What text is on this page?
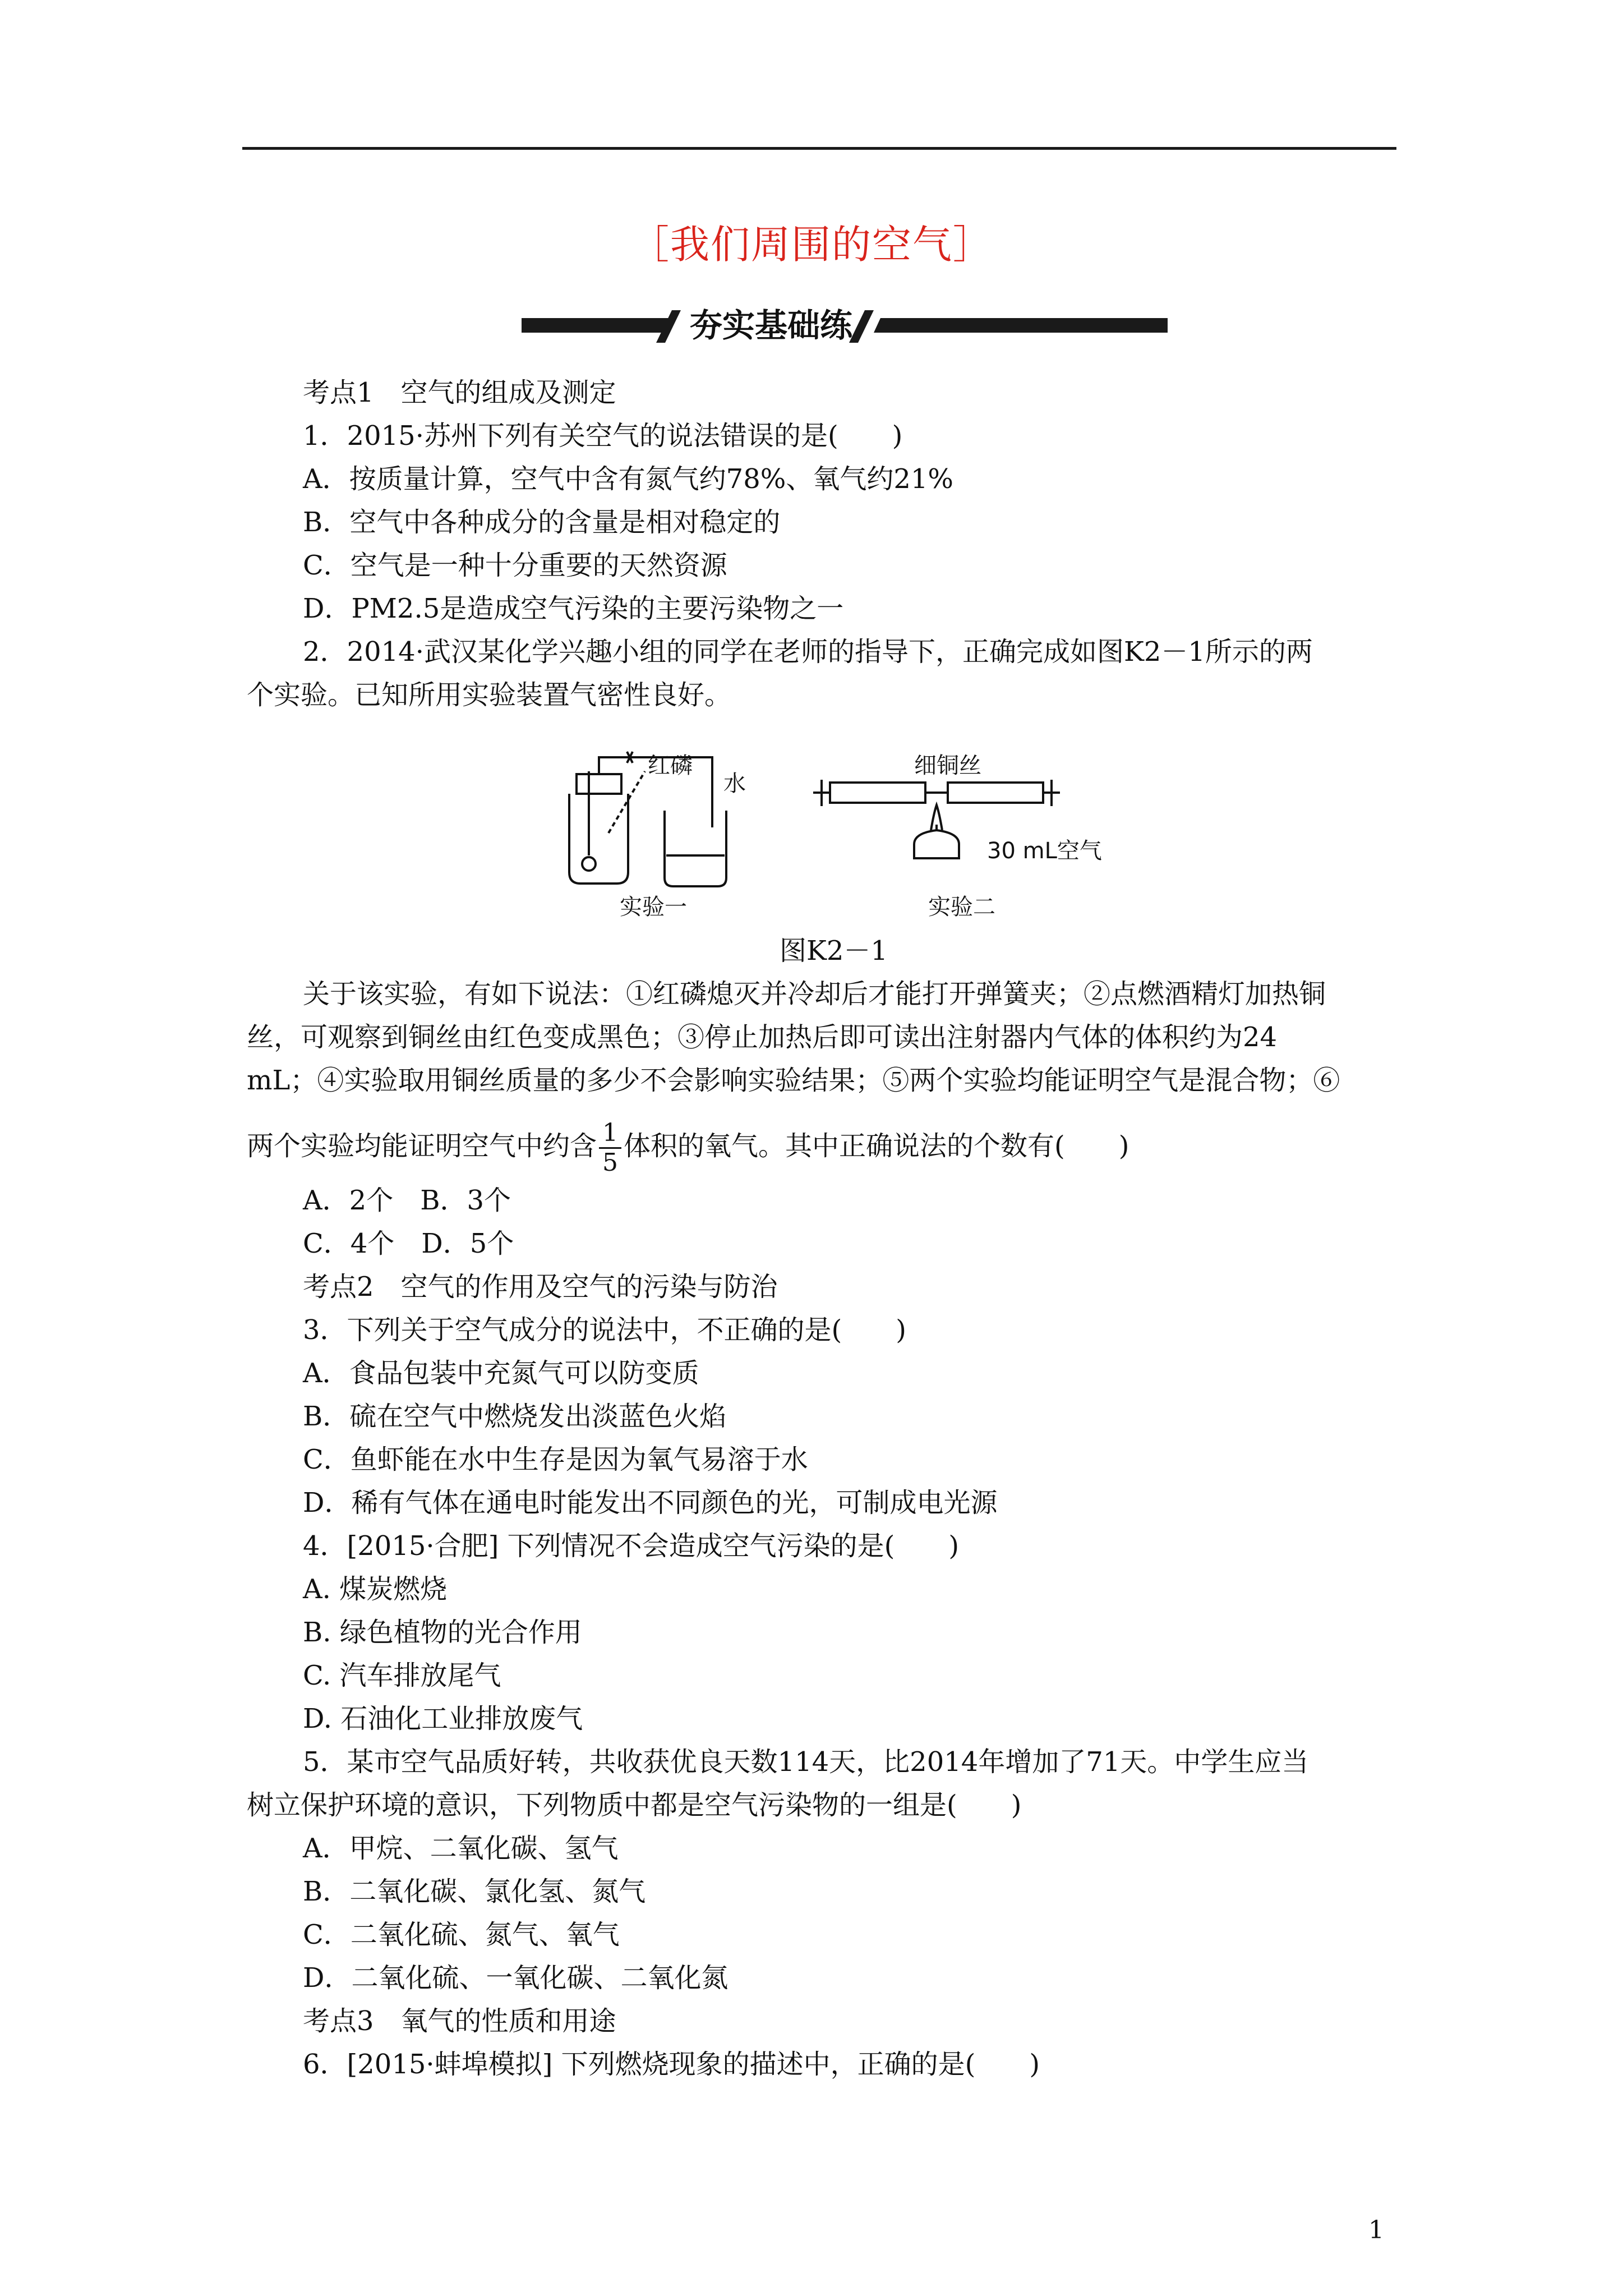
［我们周围的空气］
夯实基础练
考点1　空气的组成及测定
1．2015·苏州下列有关空气的说法错误的是(　　)
A．按质量计算，空气中含有氮气约78%、氧气约21%
B．空气中各种成分的含量是相对稳定的
C．空气是一种十分重要的天然资源
D．PM2.5是造成空气污染的主要污染物之一
2．2014·武汉某化学兴趣小组的同学在老师的指导下，正确完成如图K2－1所示的两
个实验。已知所用实验装置气密性良好。
红磷
水
细铜丝
30 mL空气
实验一	实验二
图K2－1
关于该实验，有如下说法：①红磷熄灭并冷却后才能打开弹簧夹；②点燃酒精灯加热铜
丝，可观察到铜丝由红色变成黑色；③停止加热后即可读出注射器内气体的体积约为24
mL；④实验取用铜丝质量的多少不会影响实验结果；⑤两个实验均能证明空气是混合物；⑥
两个实验均能证明空气中约含 $\frac{1}{5}$ 体积的氧气。其中正确说法的个数有(　　)
A．2个　B．3个
C．4个　D．5个
考点2　空气的作用及空气的污染与防治
3．下列关于空气成分的说法中，不正确的是(　　)
A．食品包装中充氮气可以防变质
B．硫在空气中燃烧发出淡蓝色火焰
C．鱼虾能在水中生存是因为氧气易溶于水
D．稀有气体在通电时能发出不同颜色的光，可制成电光源
4．[2015·合肥] 下列情况不会造成空气污染的是(　　)
A. 煤炭燃烧
B. 绿色植物的光合作用
C. 汽车排放尾气
D. 石油化工业排放废气
5．某市空气品质好转，共收获优良天数114天，比2014年增加了71天。中学生应当
树立保护环境的意识，下列物质中都是空气污染物的一组是(　　)
A．甲烷、二氧化碳、氢气
B．二氧化碳、氯化氢、氮气
C．二氧化硫、氮气、氧气
D．二氧化硫、一氧化碳、二氧化氮
考点3　氧气的性质和用途
6．[2015·蚌埠模拟] 下列燃烧现象的描述中，正确的是(　　)
1
